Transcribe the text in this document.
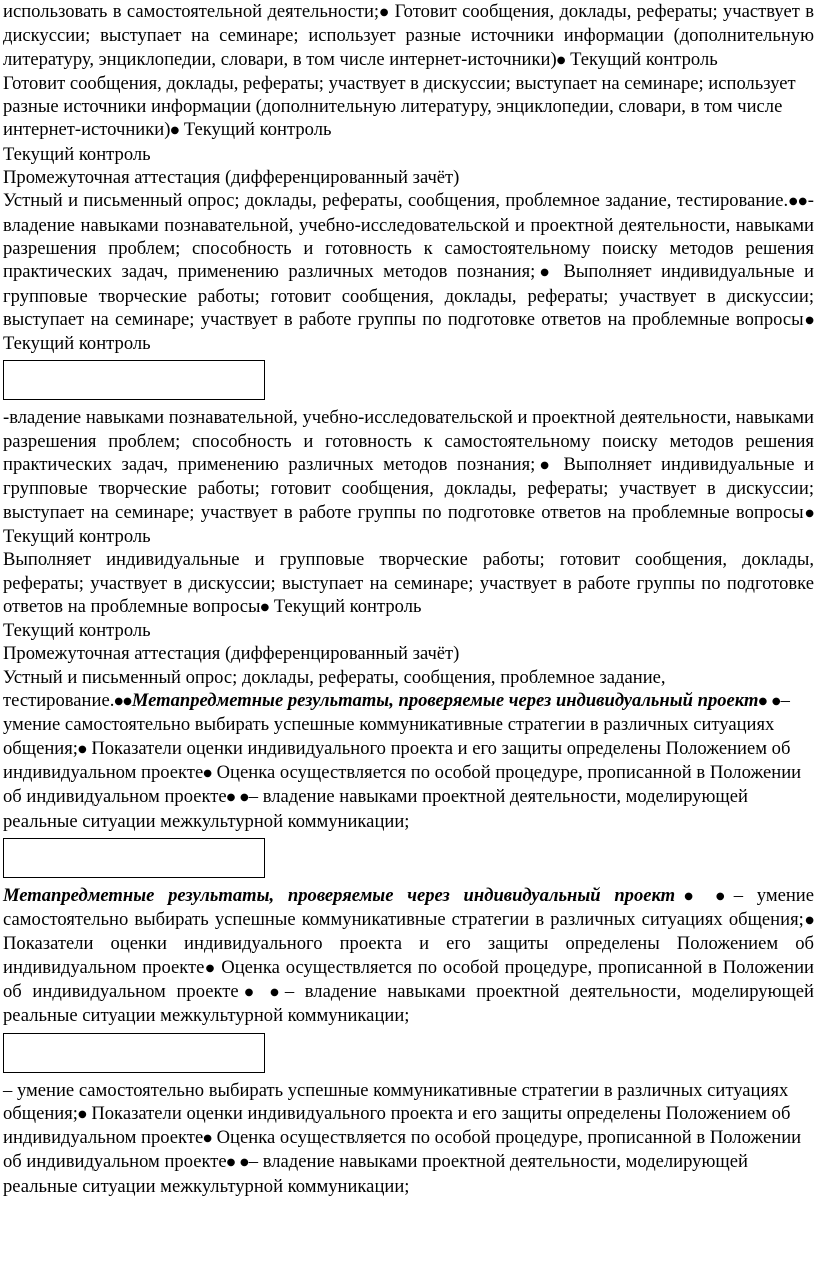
использовать в самостоятельной деятельности;● Готовит сообщения, доклады, рефераты; участвует в дискуссии; выступает на семинаре; использует разные источники информации (дополнительную литературу, энциклопедии, словари, в том числе интернет-источники)● Текущий контроль

Готовит сообщения, доклады, рефераты; участвует в дискуссии; выступает на семинаре; использует разные источники информации (дополнительную литературу, энциклопедии, словари, в том числе интернет-источники)● Текущий контроль

Текущий контроль

Промежуточная аттестация (дифференцированный зачёт)

Устный и письменный опрос; доклады, рефераты, сообщения, проблемное задание, тестирование.●●-владение навыками познавательной, учебно-исследовательской и проектной деятельности, навыками разрешения проблем; способность и готовность к самостоятельному поиску методов решения практических задач, применению различных методов познания;● Выполняет индивидуальные и групповые творческие работы; готовит сообщения, доклады, рефераты; участвует в дискуссии; выступает на семинаре; участвует в работе группы по подготовке ответов на проблемные вопросы● Текущий контроль

-владение навыками познавательной, учебно-исследовательской и проектной деятельности, навыками разрешения проблем; способность и готовность к самостоятельному поиску методов решения практических задач, применению различных методов познания;● Выполняет индивидуальные и групповые творческие работы; готовит сообщения, доклады, рефераты; участвует в дискуссии; выступает на семинаре; участвует в работе группы по подготовке ответов на проблемные вопросы● Текущий контроль

Выполняет индивидуальные и групповые творческие работы; готовит сообщения, доклады, рефераты; участвует в дискуссии; выступает на семинаре; участвует в работе группы по подготовке ответов на проблемные вопросы● Текущий контроль

Текущий контроль

Промежуточная аттестация (дифференцированный зачёт)

Устный и письменный опрос; доклады, рефераты, сообщения, проблемное задание, тестирование.●●Метапредметные результаты, проверяемые через индивидуальный проект● ●– умение самостоятельно выбирать успешные коммуникативные стратегии в различных ситуациях общения;● Показатели оценки индивидуального проекта и его защиты определены Положением об индивидуальном проекте● Оценка осуществляется по особой процедуре, прописанной в Положении об индивидуальном проекте● ●– владение навыками проектной деятельности, моделирующей реальные ситуации межкультурной коммуникации;

Метапредметные результаты, проверяемые через индивидуальный проект● ●– умение самостоятельно выбирать успешные коммуникативные стратегии в различных ситуациях общения;● Показатели оценки индивидуального проекта и его защиты определены Положением об индивидуальном проекте● Оценка осуществляется по особой процедуре, прописанной в Положении об индивидуальном проекте● ●– владение навыками проектной деятельности, моделирующей реальные ситуации межкультурной коммуникации;

– умение самостоятельно выбирать успешные коммуникативные стратегии в различных ситуациях общения;● Показатели оценки индивидуального проекта и его защиты определены Положением об индивидуальном проекте● Оценка осуществляется по особой процедуре, прописанной в Положении об индивидуальном проекте● ●– владение навыками проектной деятельности, моделирующей реальные ситуации межкультурной коммуникации;
